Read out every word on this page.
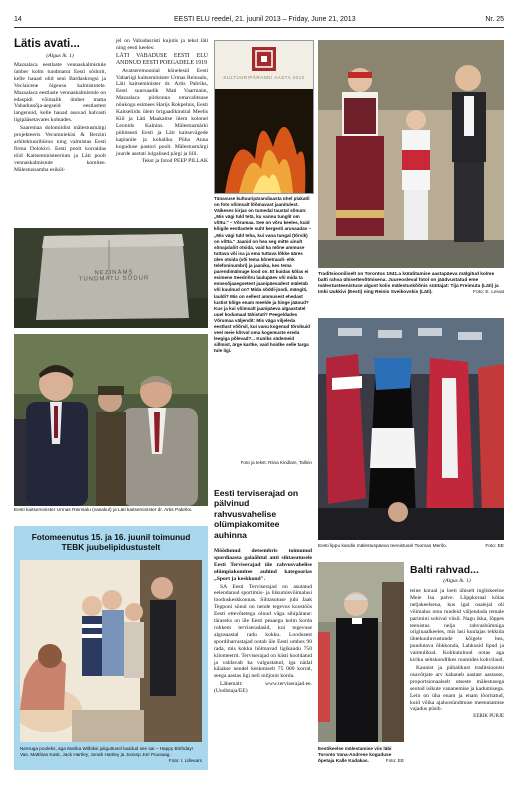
14	EESTI ELU reedel, 21. juunil 2013 – Friday, June 21, 2013	Nr. 25
Lätis avati...
(Algus lk. 1)

Mazsalaca eestlaste vennaskalmistule ümber kolm tundmatut Eesti sõdurit, kelle hauad olid seni Bardaskrogsi ja Veclaicene õigeusu kalmistutele. Mazsalaca eestlaste vennaskalmistule on edaspidi võimalik ümber matta Vabadussõja-aegseid eestlastest langenuid, kelle hauad asuvad halvasti ligipääsetavates kohtades.

Saaremaa dolomiidist mälestusmärgi projekteeris Vecumniekisi & Berzini arhitektuuribüroo ning valmistas Eesti firma Dolokivi. Eesti poolt korraldas töid Kaitseministeerium ja Läti poolt vennaskalmistute komitee. Mälestussamba esikül-

jel on Vabadusristi kujutis ja tekst läti ning eesti keeles:

LĀTI VABADUSE EESTI ELU ANDNUD EESTI POEGADELE 1919

Avatseremoonial kõnelesid Eesti Vabariigi kaitseminister Urmas Reinsalu, Läti kaitseminister dr. Artis Pabriks, Eesti suursaadik Mati Vaarmann, Mazsalaca piirkonna omavalitsuse nõukogu esimees Harijs Rokpelnis, Eesti Kaitseliidu ülem brigaadikindral Meelis Kiil ja Läti Maakaitse ülem kolonel Leonids Kalnins. Mälestusmärki pühitsesti Eesti ja Läti kaitsevägede kaplanite ja kohaliku Püha Anna koguduse pastori poolt. Mälestusmärgi juurde asetati lulgalised pärgi ja lilli.

Tekst ja fotod PEEP PILLAK

NEZINĀMS TUNDMATU SÕDUR
Eesti kaitseminister Urmas Reinsalu (vasakul) ja Läti kaitseminister dr. Artis Pabriks.
Fotomeenutus 15. ja 16. juunil toimunud TEBK juubelipidustustelt
Neeruga pooleks, aga Marika Wilbiksi juliguttusel lauldud see sai – Happy Birthday! Vas. Matthias Kask, Jack Hartley, Jonah Hartley ja Joosep Jüri Puusaag.
Foto: I. Lillevars
KULTUURIPÄRANDI AASTA 2013
Tänavuse kultuuripärandiaasta ühel plakatil on foto võimsalt lõõmavast jaanitulest. Väikeses kirjas on tumedal taustal sõnum: „Mis vägi tuld tetä, ku vannu tunglit om võttu." – Võrumaa. See on võru keeles, kuid kõigile eestlastele suht kergesti arusaadav – „Mis vägi tuld teha, kui vana tungal (tõrvik) on võtta." Jaanid on hea seg mitte ainult sõnajalaõit otsida, vaid ka mõne ammuse tuttava või isa ja ema tuttava lõkke ääres üles otsida (või tema kõnetraadi- ehk telefoninumbri) ja jaanika, kes tema parendimälnuge lood on. Et kuidas kõlas ei esimene Seedriõru laulupäev või mida ta ennesõjaaegsetest jaanipäevadest mäletab või kuulnud on? Mida sõddi-joodi, mängiti, lauldi? Mis on sellest ammusest ehedast lustist kõige enam meelde ja hinge jäänud? Kus ja kui võimsalt jaanipäeva algaastatel uuel kodumaal tähistati? Peegeldades Võrumaa väljendit: Mis väga viljeleda eestlust võõrsil, kui vanu kogenud tõrvikuid veel meie kõrval oma kogemuste ereda leegiga põlevad?... Kuniks sädemeid sillmist, ärge kartke, vaid hoidke selle targa tule ligi.
Foto ja tekst: Riina Kindlam, Tallinn
Traditsiooniliselt on Torontos 1941.a küüditamise aastapäeva mälgitud kolme balti rahva ühisettevõtmisena. Juureosleval fotol on jäädvustatud eme mälestusteenistuse algust kolis mälestuskõõnis süütajat: Tija Freimuta (Läti) ja Imbi Uukkivi (Eesti) ning Reinis Sveikovskis (Läti).	Foto: E. Leivat
Eesti lippu kandis mälestuspäeva teenistusel Toomas Merilo.	Foto: EE
Eesti terviserajad on pälvinud rahvusvahelise olümpiakomitee auhinna

Möödunud detsembris toimunud spordiaasta galaõhtul anti sihtasutusele Eesti Terviserajad üle rahvusvahelise olümpiakomitee auhind kategoorias „Sport ja keskkond".

SA Eesti Terviserajad on asutatud eelendanud sportimis- ja liikumisvõimalusi looduskeskkonnas. Sihtasutuse juhi Jaak Tepponi sõnul on nende tegevus koostöös Eesti ettevõtetega olnud väga sihipärane: täraseks on üle Eesti peaaegu kolm korda rohkem terviseradasid, kui tegevuse algusaastal radu kokku. Loodusest spordiharrastajad ootab üle Eesti umbes 90 rada, mis kokku hõlmavad ligikaudu 750 kilomeetrit. Terviserajad on hästi hooldatud ja valdavalt ka valgustatud, iga nädal käiakse nendel keskmiselt 75 000 korral, seega aastas ligi neli miljonit korda.

Lähemalt: www.terviserajad.ee. (Uudistaja/EE)

Eestikeelse mälestamise viis läbi Toronto Vana-Andrese koguduse õpetaja Kalle Kadakas.	Foto: EE
Balti rahvad...
(Algus lk. 1)

teine koraal ja loeti ühiselt ingliskeelne Meie Isa palve. Lõppkoraal kõlas neljakeelsena, kus igal osalejal oli võimalus oma tundeid väljendada temale parimini sobival viisil. Nagu ikka, lõppes teenistus nelja rahvushümniga originaalkeeles, mis lasi kuulajas tekkida ühtekuuluvustunde kõigele hea, puudutava õhkkonda, Lahkusid lipud ja vaimulikud. Kokkutulnud ootas aga kiriku seltskondlikes ruumides kohvilaud.

Kaunist ja pühalikust traditsioonist osavõtjate arv kahaneb aastast aastasse, proportsionaalselt otseste mälestusega seotud isikute vananemise ja kadumisega. Lein on üha enam ja enam lõoritatud, kuid võika ajaloosündmuse meenutamise vajadus püsib.

EERIK PURJE
